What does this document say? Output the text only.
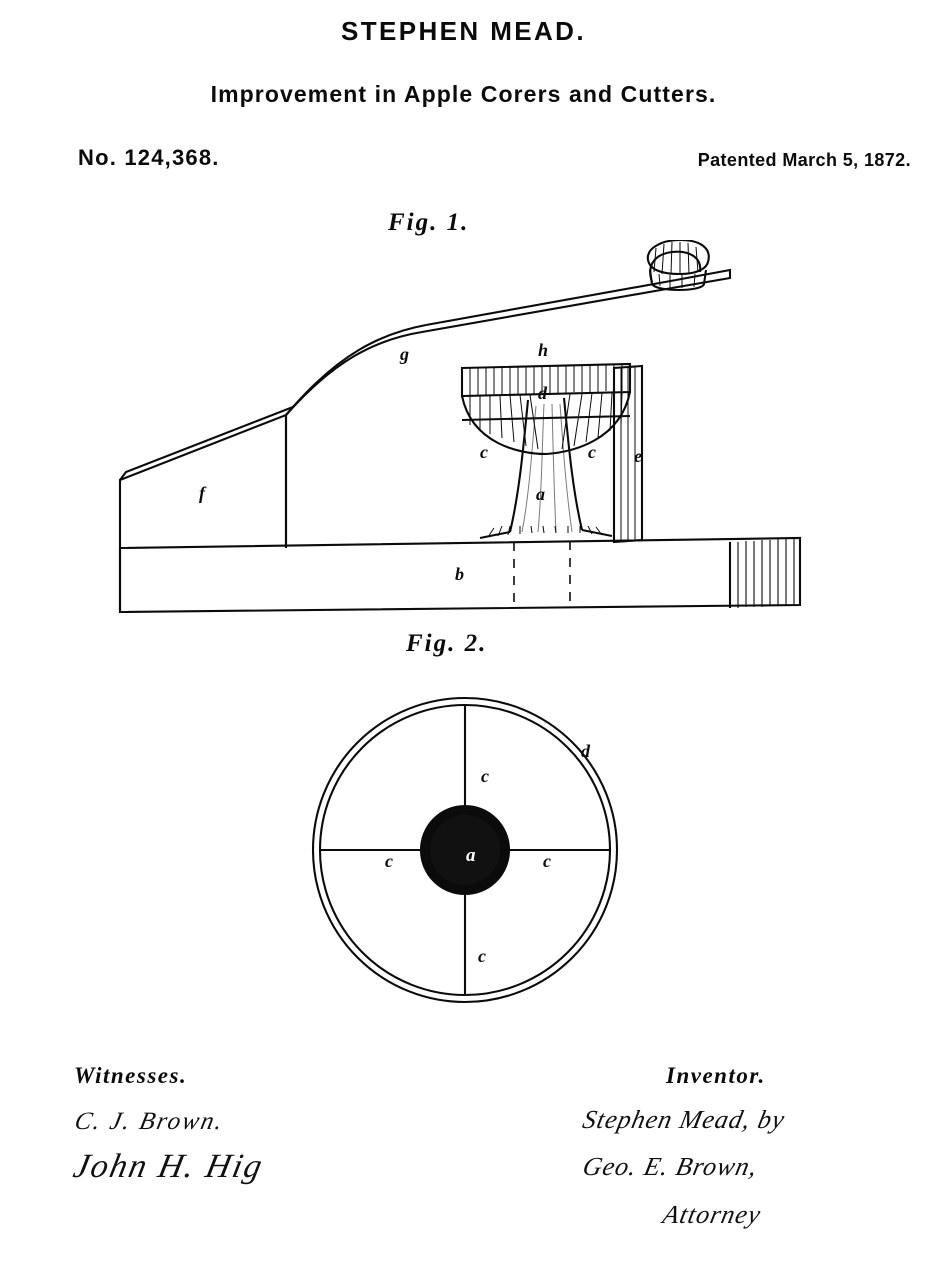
STEPHEN MEAD.
Improvement in Apple Corers and Cutters.
No. 124,368.	Patented March 5, 1872.
Fig. 1.
g	h
d
c	c e
f	a
b
Fig. 2.
d
c
c	a	c
c
Witnesses.
C. J. Brown.
John H. Hig
Inventor.
Stephen Mead, by
Geo. E. Brown,
Attorney
